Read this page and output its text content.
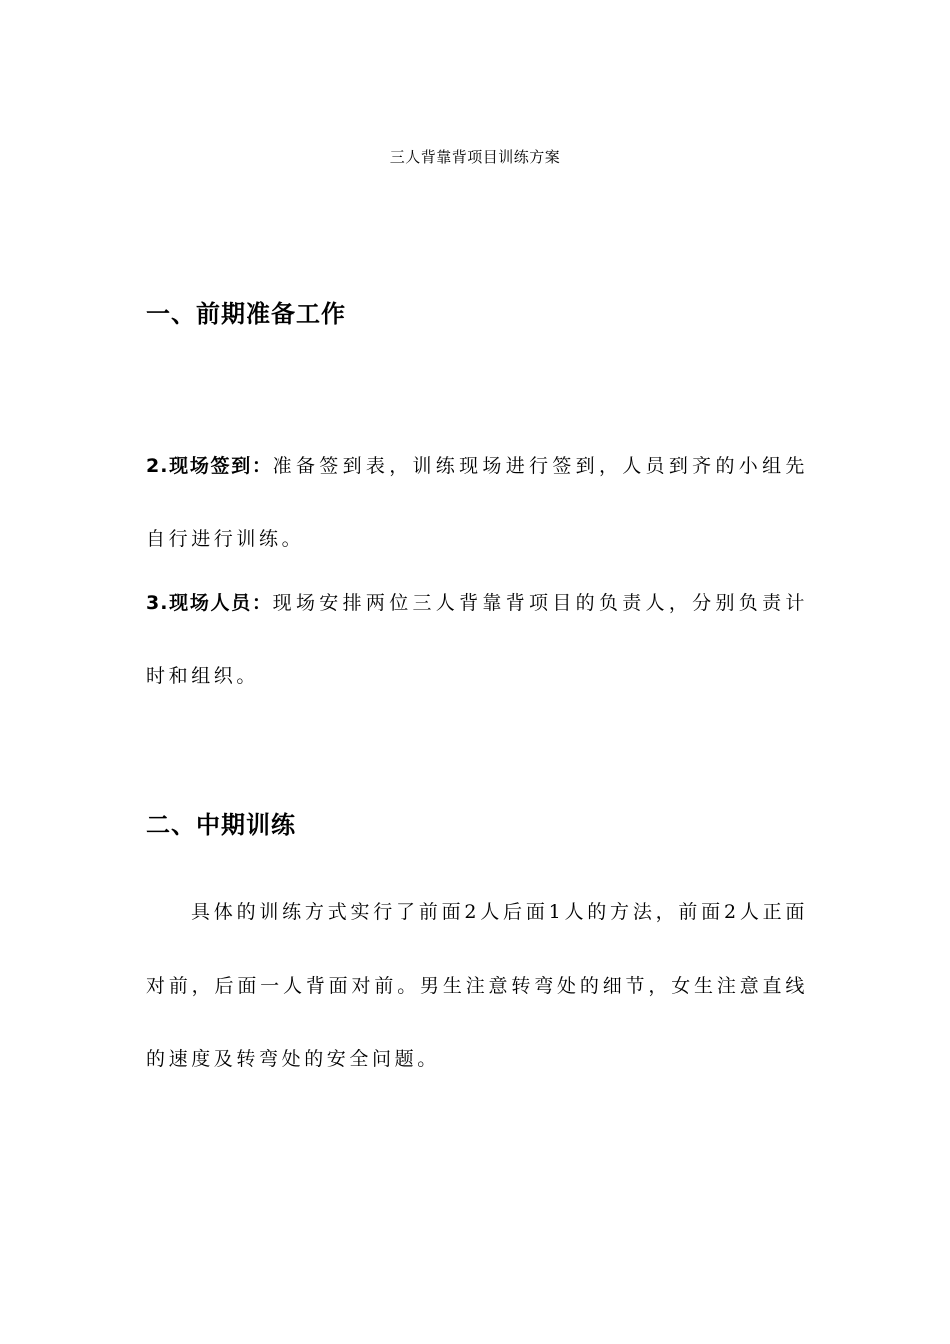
三人背靠背项目训练方案
一、前期准备工作

2.现场签到：准备签到表，训练现场进行签到，人员到齐的小组先自行进行训练。

3.现场人员：现场安排两位三人背靠背项目的负责人，分别负责计时和组织。

二、中期训练

具体的训练方式实行了前面2人后面1人的方法，前面2人正面对前，后面一人背面对前。男生注意转弯处的细节，女生注意直线的速度及转弯处的安全问题。
